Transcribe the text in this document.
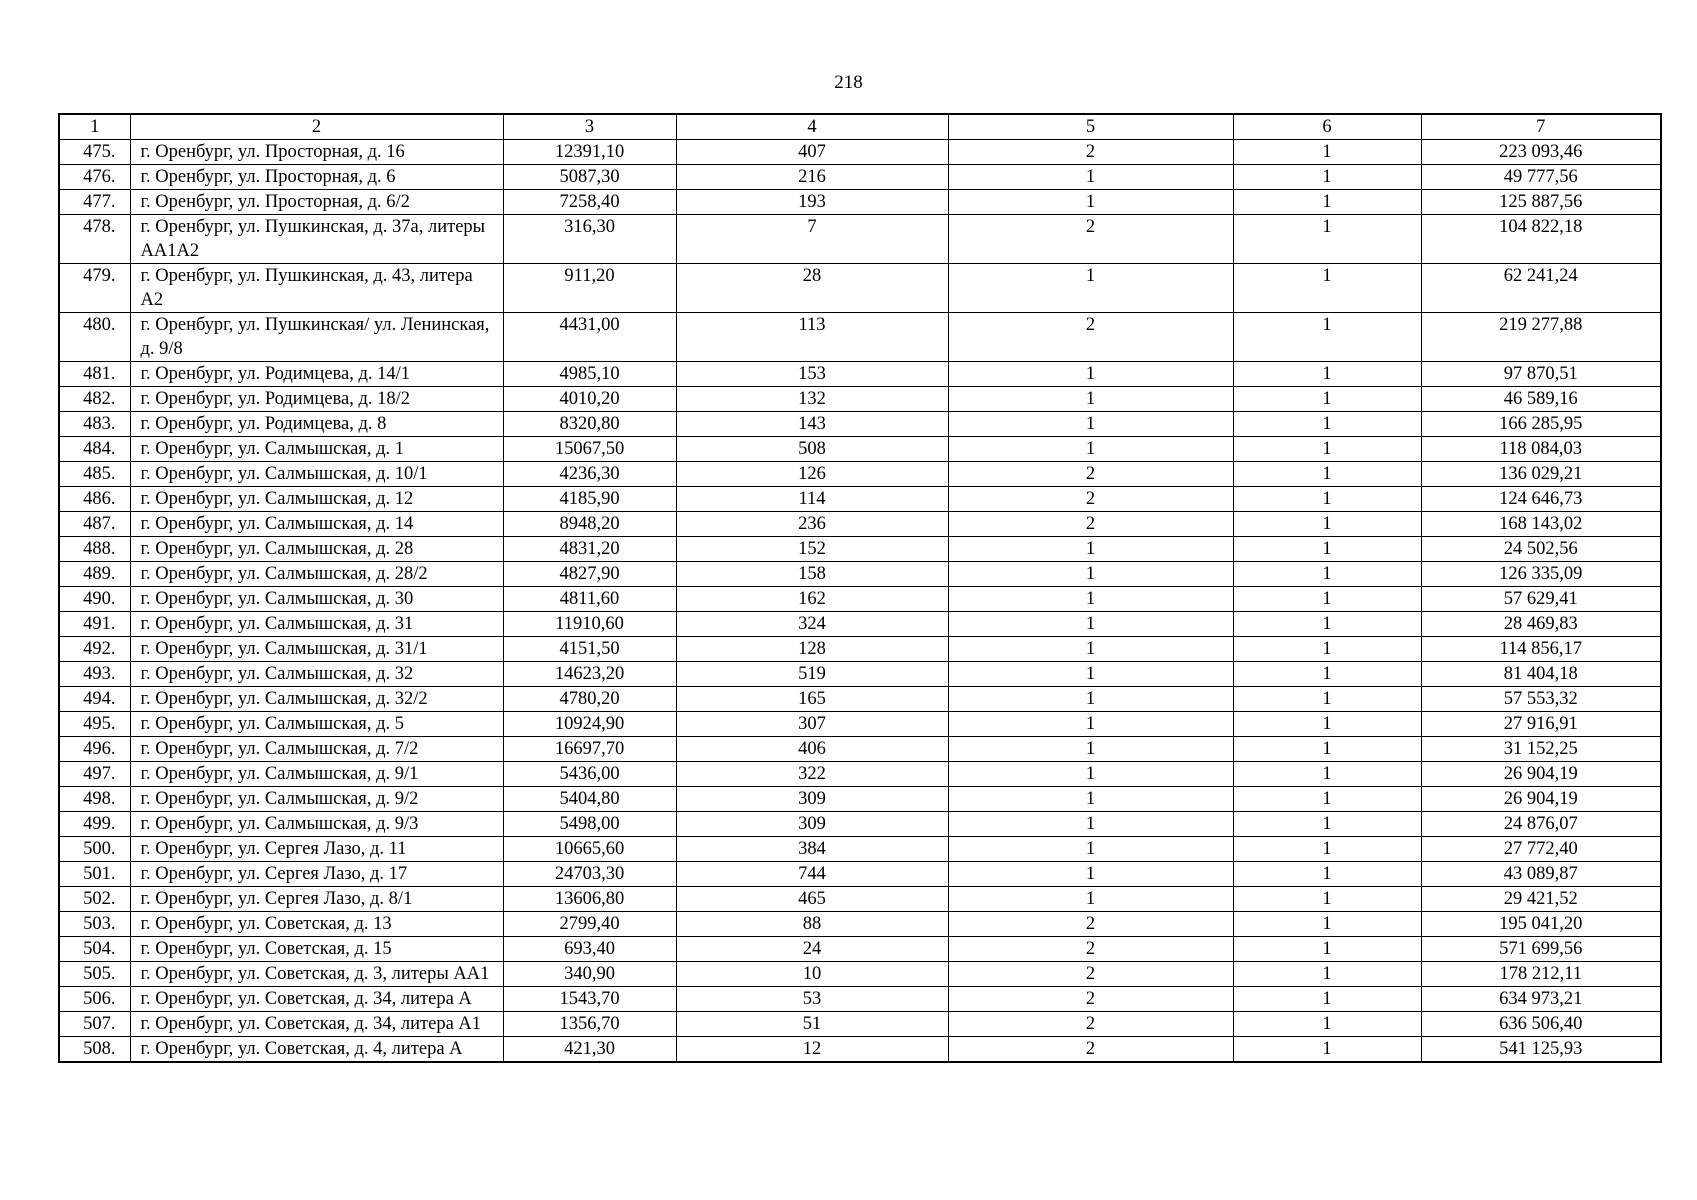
218
1	2	3	4	5	6	7
475.	г. Оренбург, ул. Просторная, д. 16	12391,10	407	2	1	223 093,46
476.	г. Оренбург, ул. Просторная, д. 6	5087,30	216	1	1	49 777,56
477.	г. Оренбург, ул. Просторная, д. 6/2	7258,40	193	1	1	125 887,56
478.	г. Оренбург, ул. Пушкинская, д. 37а, литеры АА1А2	316,30	7	2	1	104 822,18
479.	г. Оренбург, ул. Пушкинская, д. 43, литера А2	911,20	28	1	1	62 241,24
480.	г. Оренбург, ул. Пушкинская/ ул. Ленинская, д. 9/8	4431,00	113	2	1	219 277,88
481.	г. Оренбург, ул. Родимцева, д. 14/1	4985,10	153	1	1	97 870,51
482.	г. Оренбург, ул. Родимцева, д. 18/2	4010,20	132	1	1	46 589,16
483.	г. Оренбург, ул. Родимцева, д. 8	8320,80	143	1	1	166 285,95
484.	г. Оренбург, ул. Салмышская, д. 1	15067,50	508	1	1	118 084,03
485.	г. Оренбург, ул. Салмышская, д. 10/1	4236,30	126	2	1	136 029,21
486.	г. Оренбург, ул. Салмышская, д. 12	4185,90	114	2	1	124 646,73
487.	г. Оренбург, ул. Салмышская, д. 14	8948,20	236	2	1	168 143,02
488.	г. Оренбург, ул. Салмышская, д. 28	4831,20	152	1	1	24 502,56
489.	г. Оренбург, ул. Салмышская, д. 28/2	4827,90	158	1	1	126 335,09
490.	г. Оренбург, ул. Салмышская, д. 30	4811,60	162	1	1	57 629,41
491.	г. Оренбург, ул. Салмышская, д. 31	11910,60	324	1	1	28 469,83
492.	г. Оренбург, ул. Салмышская, д. 31/1	4151,50	128	1	1	114 856,17
493.	г. Оренбург, ул. Салмышская, д. 32	14623,20	519	1	1	81 404,18
494.	г. Оренбург, ул. Салмышская, д. 32/2	4780,20	165	1	1	57 553,32
495.	г. Оренбург, ул. Салмышская, д. 5	10924,90	307	1	1	27 916,91
496.	г. Оренбург, ул. Салмышская, д. 7/2	16697,70	406	1	1	31 152,25
497.	г. Оренбург, ул. Салмышская, д. 9/1	5436,00	322	1	1	26 904,19
498.	г. Оренбург, ул. Салмышская, д. 9/2	5404,80	309	1	1	26 904,19
499.	г. Оренбург, ул. Салмышская, д. 9/3	5498,00	309	1	1	24 876,07
500.	г. Оренбург, ул. Сергея Лазо, д. 11	10665,60	384	1	1	27 772,40
501.	г. Оренбург, ул. Сергея Лазо, д. 17	24703,30	744	1	1	43 089,87
502.	г. Оренбург, ул. Сергея Лазо, д. 8/1	13606,80	465	1	1	29 421,52
503.	г. Оренбург, ул. Советская, д. 13	2799,40	88	2	1	195 041,20
504.	г. Оренбург, ул. Советская, д. 15	693,40	24	2	1	571 699,56
505.	г. Оренбург, ул. Советская, д. 3, литеры АА1	340,90	10	2	1	178 212,11
506.	г. Оренбург, ул. Советская, д. 34, литера А	1543,70	53	2	1	634 973,21
507.	г. Оренбург, ул. Советская, д. 34, литера А1	1356,70	51	2	1	636 506,40
508.	г. Оренбург, ул. Советская, д. 4, литера А	421,30	12	2	1	541 125,93
